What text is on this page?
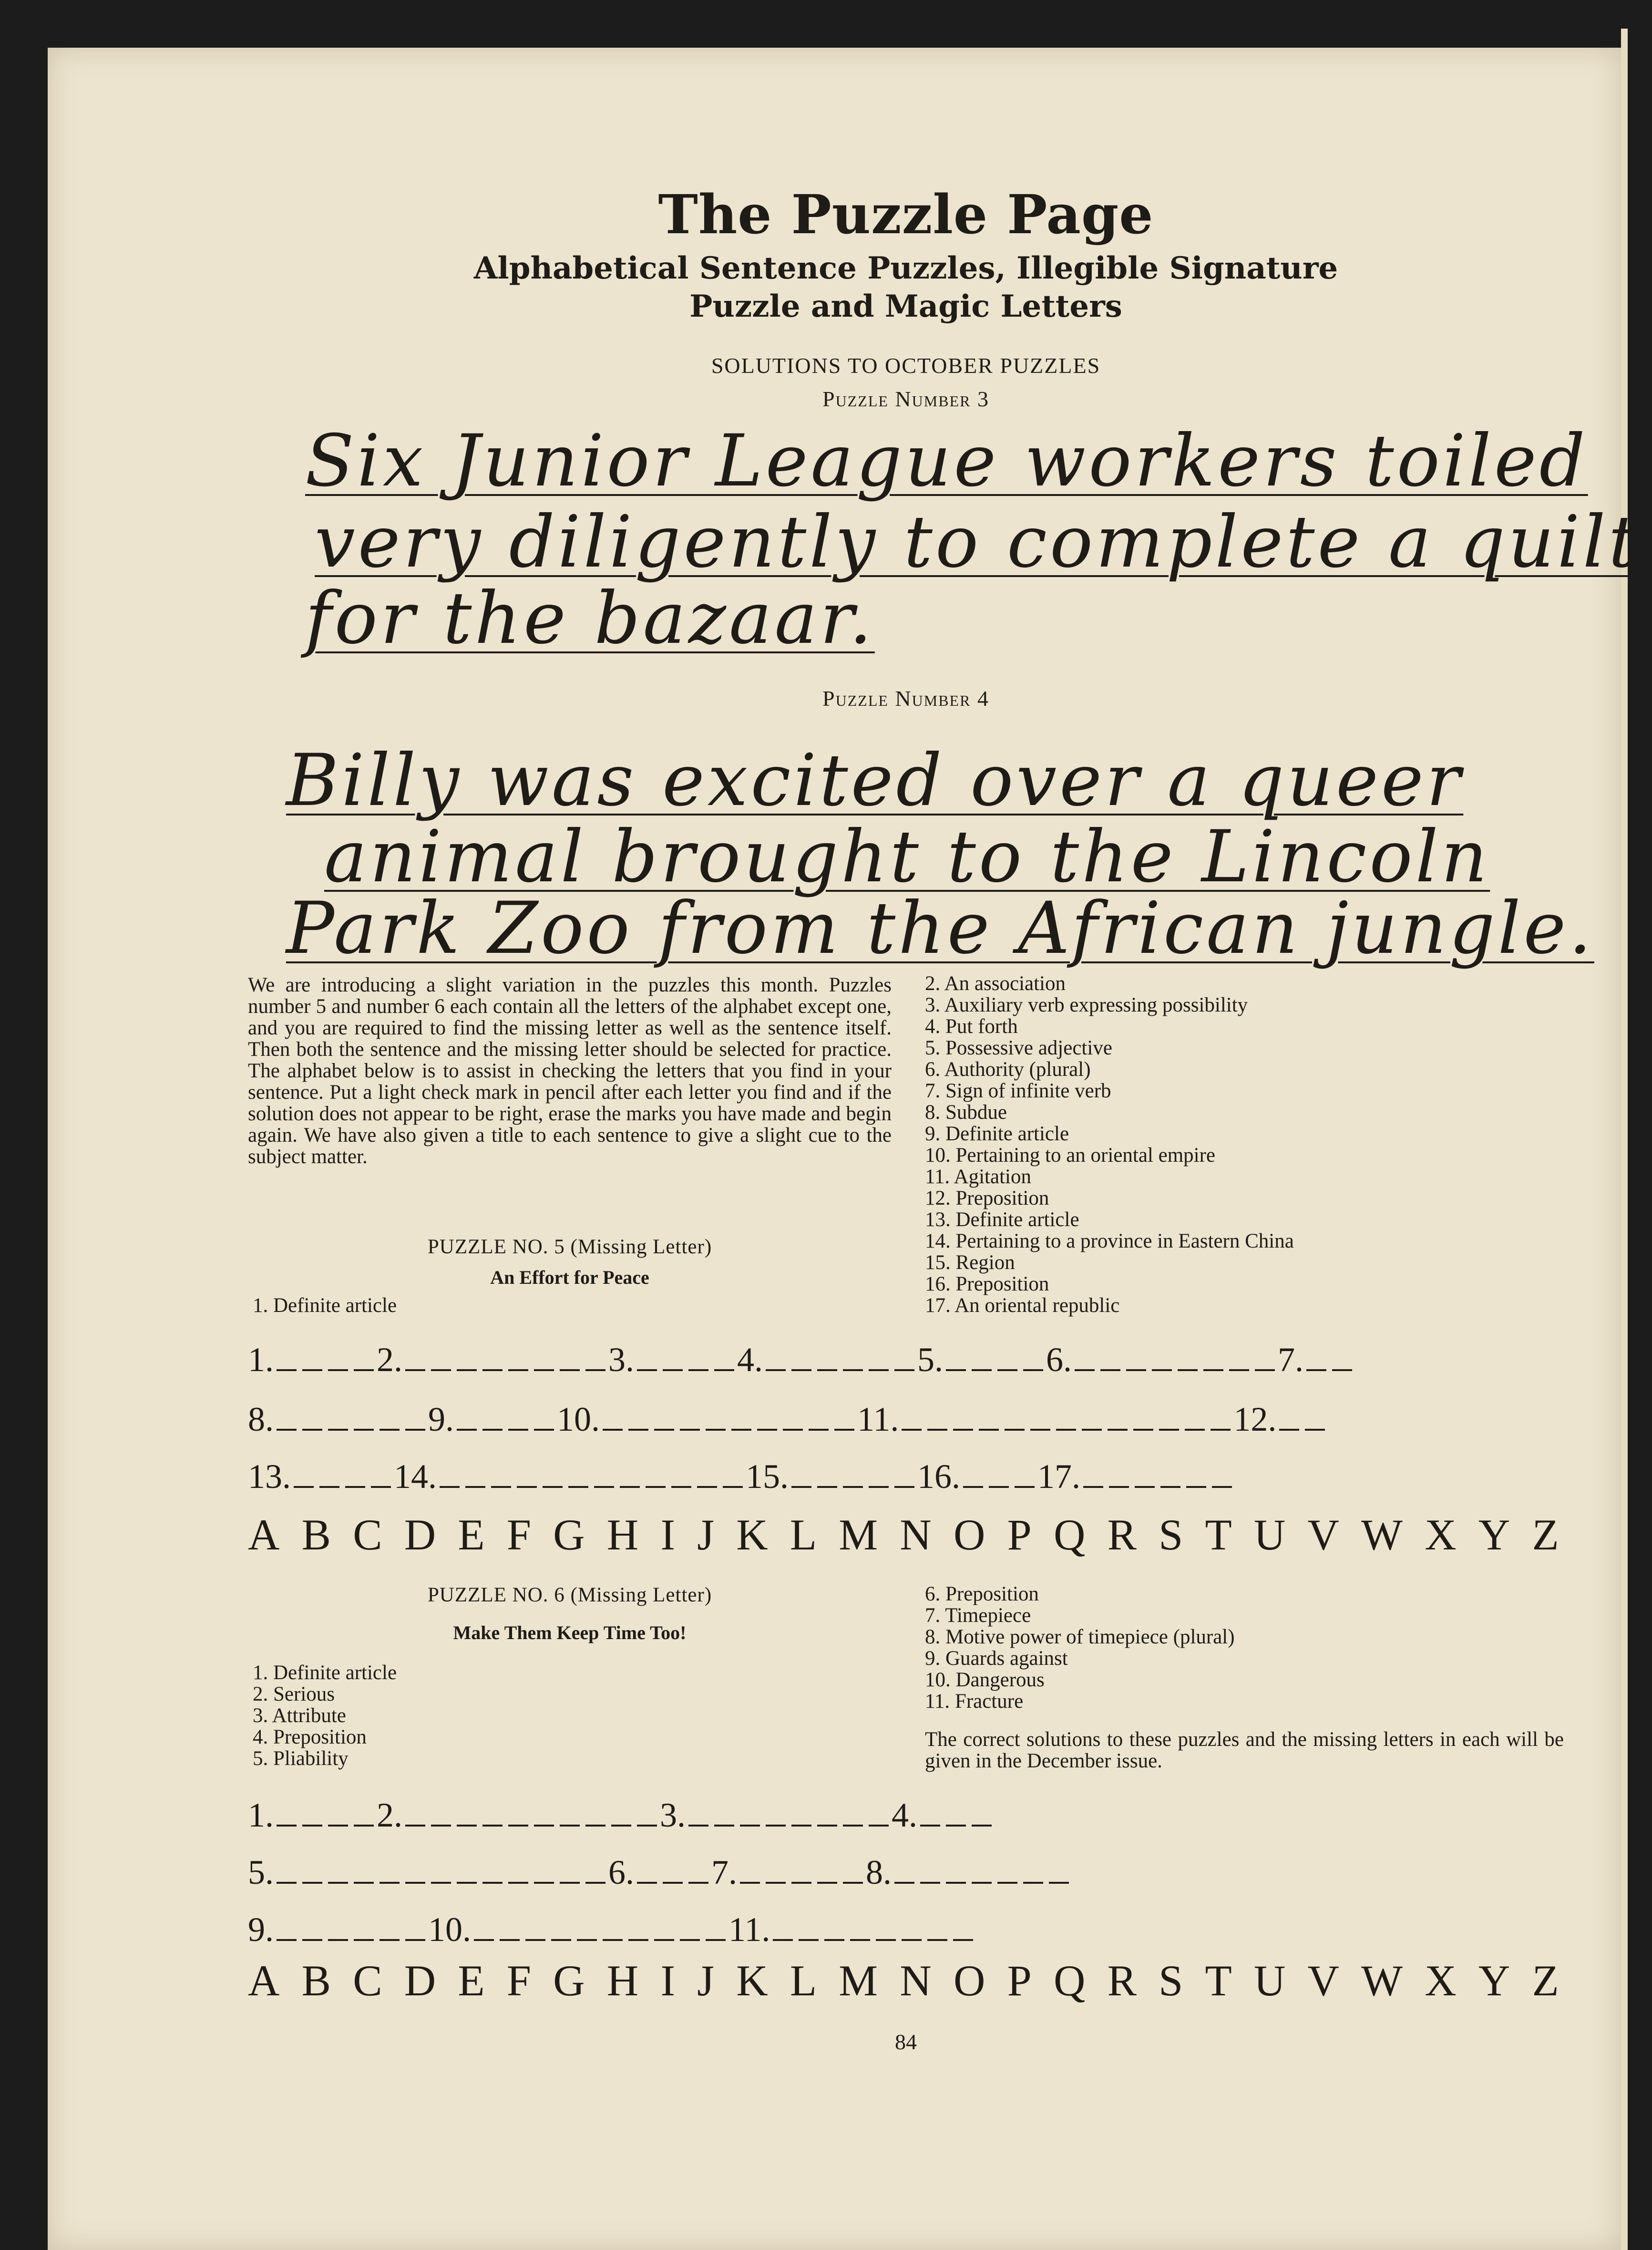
The Puzzle Page
Alphabetical Sentence Puzzles, Illegible Signature
Puzzle and Magic Letters
SOLUTIONS TO OCTOBER PUZZLES
Puzzle Number 3
Six Junior League workers toiled
very diligently to complete a quilt
for the bazaar.
Puzzle Number 4
Billy was excited over a queer
animal brought to the Lincoln
Park Zoo from the African jungle.
We are introducing a slight variation in the puzzles this month. Puzzles number 5 and number 6 each contain all the letters of the alphabet except one, and you are required to find the missing letter as well as the sentence itself. Then both the sentence and the missing letter should be selected for practice. The alphabet below is to assist in checking the letters that you find in your sentence. Put a light check mark in pencil after each letter you find and if the solution does not appear to be right, erase the marks you have made and begin again. We have also given a title to each sentence to give a slight cue to the subject matter.
PUZZLE NO. 5 (Missing Letter)
An Effort for Peace
1. Definite article
2. An association
3. Auxiliary verb expressing possibility
4. Put forth
5. Possessive adjective
6. Authority (plural)
7. Sign of infinite verb
8. Subdue
9. Definite article
10. Pertaining to an oriental empire
11. Agitation
12. Preposition
13. Definite article
14. Pertaining to a province in Eastern China
15. Region
16. Preposition
17. An oriental republic
1.	2.	3.	4.	5.	6.	7.
8.	9.	10.	11.	12.
13.	14.	15.	16. 17.
A B C D E F G H I J K L M N O P Q R S T U V W X Y Z
PUZZLE NO. 6 (Missing Letter)
Make Them Keep Time Too!
1. Definite article
2. Serious
3. Attribute
4. Preposition
5. Pliability
6. Preposition
7. Timepiece
8. Motive power of timepiece (plural)
9. Guards against
10. Dangerous
11. Fracture
The correct solutions to these puzzles and the missing letters in each will be given in the December issue.
1.	2.	3.	4.
5.	6. 7.	8.
9.	10.	11.
A B C D E F G H I J K L M N O P Q R S T U V W X Y Z
84
